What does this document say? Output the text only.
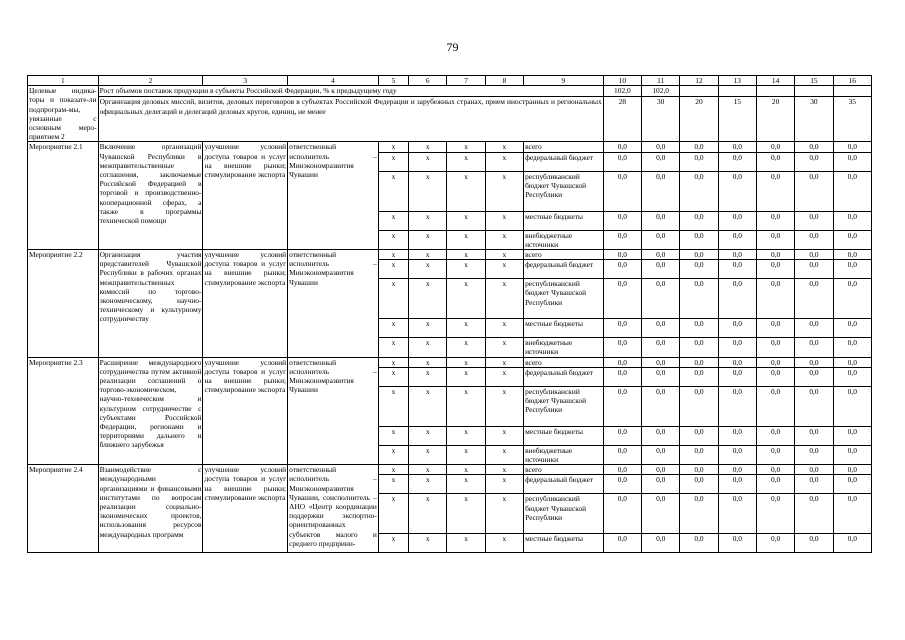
79
1	2	3	4	5	6	7	8	9	10	11	12	13	14	15	16
Целевые индика-торы и показате-ли подпрограм-мы, увязанные с основным меро-приятием 2	Рост объемов поставок продукции в субъекты Российской Федерации, % к предыдущему году								102,0	102,0					
	Организация деловых миссий, визитов, деловых переговоров в субъектах Российской Федерации и зарубежных странах, прием иностранных и региональных официальных делегаций и делегаций деловых кругов, единиц, не менее								28	30	20	15	20	30	35
Мероприятие 2.1	Включение организаций Чувашской Республики в межправительственные соглашения, заключаемые Российской Федерацией в торговой и производственно-кооперационной сферах, а также в программы технической помощи	улучшение условий доступа товаров и услуг на внешние рынки; стимулирование экспорта	ответственный исполнитель – Минэкономразвития Чувашии	x	x	x	x	всего	0,0	0,0	0,0	0,0	0,0	0,0	0,0
				x	x	x	x	федеральный бюджет	0,0	0,0	0,0	0,0	0,0	0,0	0,0
				x	x	x	x	республиканский бюджет Чувашской Республики	0,0	0,0	0,0	0,0	0,0	0,0	0,0
				x	x	x	x	местные бюджеты	0,0	0,0	0,0	0,0	0,0	0,0	0,0
				x	x	x	x	внебюджетные источники	0,0	0,0	0,0	0,0	0,0	0,0	0,0
Мероприятие 2.2	Организация участия представителей Чувашской Республики в рабочих органах межправительственных комиссий по торгово-экономическому, научно-техническому и культурному сотрудничеству	улучшение условий доступа товаров и услуг на внешние рынки; стимулирование экспорта	ответственный исполнитель – Минэкономразвития Чувашии	x	x	x	x	всего	0,0	0,0	0,0	0,0	0,0	0,0	0,0
				x	x	x	x	федеральный бюджет	0,0	0,0	0,0	0,0	0,0	0,0	0,0
				x	x	x	x	республиканский бюджет Чувашской Республики	0,0	0,0	0,0	0,0	0,0	0,0	0,0
				x	x	x	x	местные бюджеты	0,0	0,0	0,0	0,0	0,0	0,0	0,0
				x	x	x	x	внебюджетные источники	0,0	0,0	0,0	0,0	0,0	0,0	0,0
Мероприятие 2.3	Расширение международного сотрудничества путем активной реализации соглашений о торгово-экономическом, научно-техническом и культурном сотрудничестве с субъектами Российской Федерации, регионами и территориями дальнего и ближнего зарубежья	улучшение условий доступа товаров и услуг на внешние рынки; стимулирование экспорта	ответственный исполнитель – Минэкономразвития Чувашии	x	x	x	x	всего	0,0	0,0	0,0	0,0	0,0	0,0	0,0
				x	x	x	x	федеральный бюджет	0,0	0,0	0,0	0,0	0,0	0,0	0,0
				x	x	x	x	республиканский бюджет Чувашской Республики	0,0	0,0	0,0	0,0	0,0	0,0	0,0
				x	x	x	x	местные бюджеты	0,0	0,0	0,0	0,0	0,0	0,0	0,0
				x	x	x	x	внебюджетные источники	0,0	0,0	0,0	0,0	0,0	0,0	0,0
Мероприятие 2.4	Взаимодействие с международными организациями и финансовыми институтами по вопросам реализации социально-экономических проектов, использования ресурсов международных программ	улучшение условий доступа товаров и услуг на внешние рынки; стимулирование экспорта	ответственный исполнитель – Минэкономразвития Чувашии, соисполнитель – АНО «Центр координации поддержки экспортно-ориентированных субъектов малого и среднего предприни-	x	x	x	x	всего	0,0	0,0	0,0	0,0	0,0	0,0	0,0
				x	x	x	x	федеральный бюджет	0,0	0,0	0,0	0,0	0,0	0,0	0,0
				x	x	x	x	республиканский бюджет Чувашской Республики	0,0	0,0	0,0	0,0	0,0	0,0	0,0
				x	x	x	x	местные бюджеты	0,0	0,0	0,0	0,0	0,0	0,0	0,0
